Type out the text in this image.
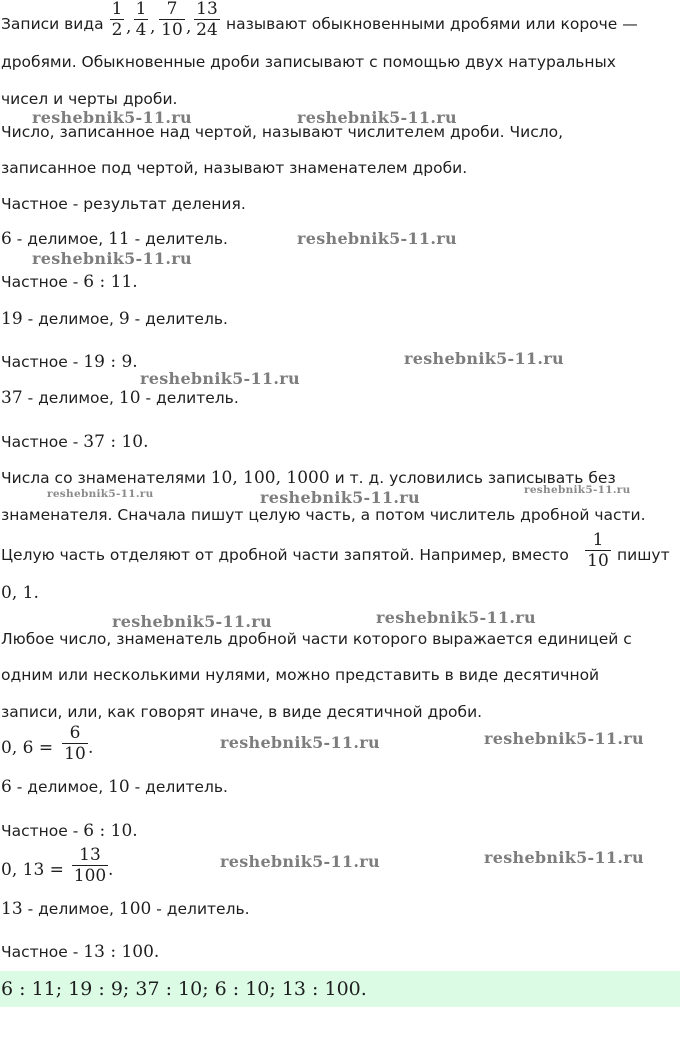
Записи вида
1
2 ,
1
4 ,
7
10 ,
13
24 называют обыкновенными дробями или короче —
дробями. Обыкновенные дроби записывают с помощью двух натуральных
чисел и черты дроби.
Число, записанное над чертой, называют числителем дроби. Число,
записанное под чертой, называют знаменателем дроби.
Частное - результат деления.
6 - делимое, 11 - делитель.
Частное - 6 : 11.
19 - делимое, 9 - делитель.
Частное - 19 : 9.
37 - делимое, 10 - делитель.
Частное - 37 : 10.
Числа со знаменателями 10, 100, 1000 и т. д. условились записывать без
знаменателя. Сначала пишут целую часть, а потом числитель дробной части.
Целую часть отделяют от дробной части запятой. Например, вместо
1
10 пишут
0, 1.
Любое число, знаменатель дробной части которого выражается единицей с
одним или несколькими нулями, можно представить в виде десятичной
записи, или, как говорят иначе, в виде десятичной дроби.
0, 6 =
6
10 .
6 - делимое, 10 - делитель.
Частное - 6 : 10.
0, 13 =
13
100 .
13 - делимое, 100 - делитель.
Частное - 13 : 100.
6 : 11; 19 : 9; 37 : 10; 6 : 10; 13 : 100.
reshebnik5-11.ru	reshebnik5-11.ru
reshebnik5-11.ru
reshebnik5-11.ru
reshebnik5-11.ru
reshebnik5-11.ru
reshebnik5-11.ru	reshebnik5-11.ru	reshebnik5-11.ru
reshebnik5-11.ru	reshebnik5-11.ru
reshebnik5-11.ru	reshebnik5-11.ru
reshebnik5-11.ru	reshebnik5-11.ru
